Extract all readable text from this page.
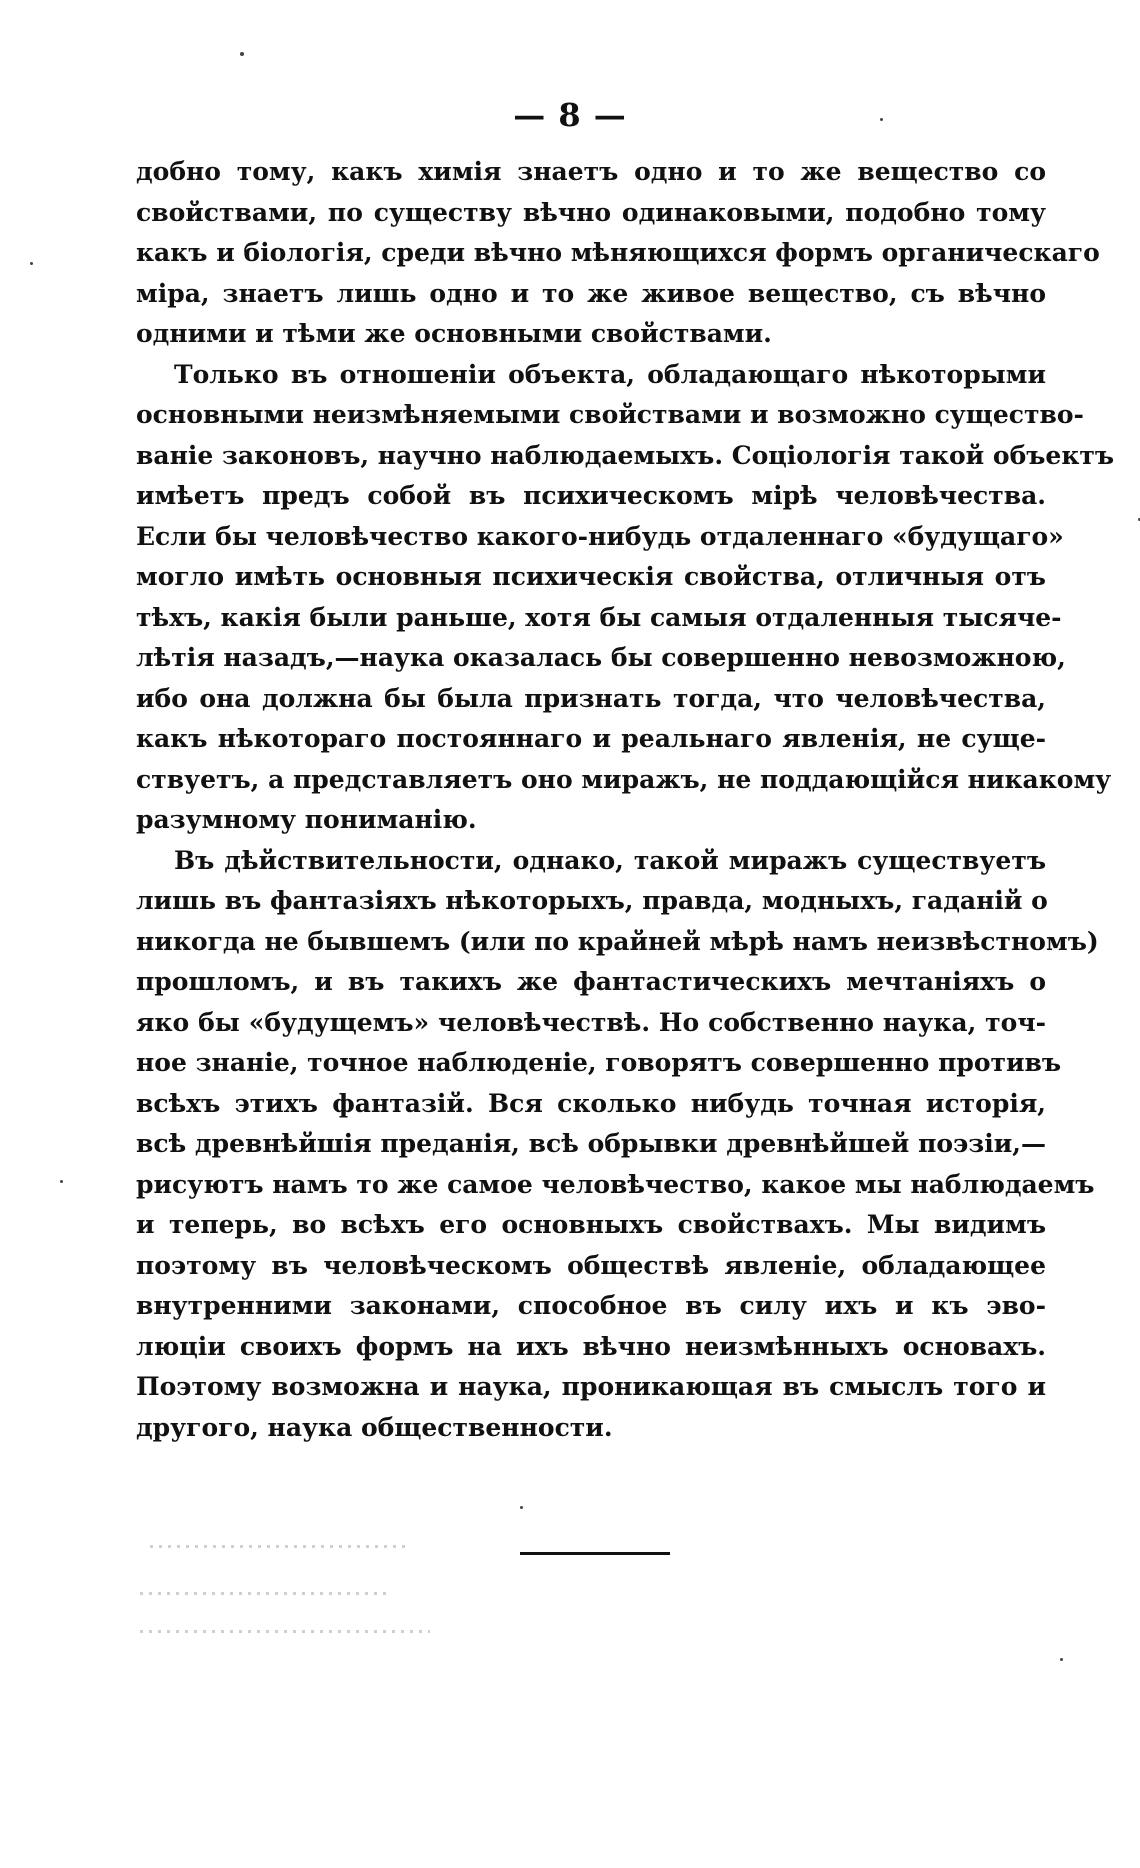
— 8 —
добно тому, какъ химія знаетъ одно и то же вещество со
свойствами, по существу вѣчно одинаковыми, подобно тому
какъ и біологія, среди вѣчно мѣняющихся формъ органическаго
міра, знаетъ лишь одно и то же живое вещество, съ вѣчно
одними и тѣми же основными свойствами.
Только въ отношеніи объекта, обладающаго нѣкоторыми
основными неизмѣняемыми свойствами и возможно существо-
ваніе законовъ, научно наблюдаемыхъ. Соціологія такой объектъ
имѣетъ предъ собой въ психическомъ мірѣ человѣчества.
Если бы человѣчество какого-нибудь отдаленнаго «будущаго»
могло имѣть основныя психическія свойства, отличныя отъ
тѣхъ, какія были раньше, хотя бы самыя отдаленныя тысяче-
лѣтія назадъ,—наука оказалась бы совершенно невозможною,
ибо она должна бы была признать тогда, что человѣчества,
какъ нѣкотораго постояннаго и реальнаго явленія, не суще-
ствуетъ, а представляетъ оно миражъ, не поддающійся никакому
разумному пониманію.
Въ дѣйствительности, однако, такой миражъ существуетъ
лишь въ фантазіяхъ нѣкоторыхъ, правда, модныхъ, гаданій о
никогда не бывшемъ (или по крайней мѣрѣ намъ неизвѣстномъ)
прошломъ, и въ такихъ же фантастическихъ мечтаніяхъ о
яко бы «будущемъ» человѣчествѣ. Но собственно наука, точ-
ное знаніе, точное наблюденіе, говорятъ совершенно противъ
всѣхъ этихъ фантазій. Вся сколько нибудь точная исторія,
всѣ древнѣйшія преданія, всѣ обрывки древнѣйшей поэзіи,—
рисуютъ намъ то же самое человѣчество, какое мы наблюдаемъ
и теперь, во всѣхъ его основныхъ свойствахъ. Мы видимъ
поэтому въ человѣческомъ обществѣ явленіе, обладающее
внутренними законами, способное въ силу ихъ и къ эво-
люціи своихъ формъ на ихъ вѣчно неизмѣнныхъ основахъ.
Поэтому возможна и наука, проникающая въ смыслъ того и
другого, наука общественности.
